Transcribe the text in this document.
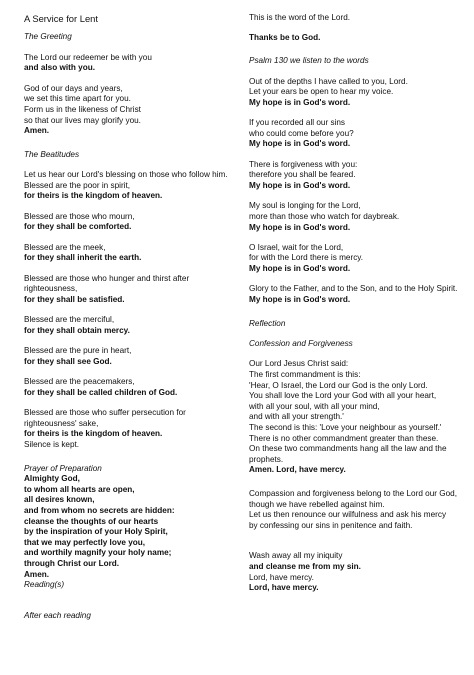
A Service for Lent
The Greeting
The Lord our redeemer be with you
and also with you.
God of our days and years,
we set this time apart for you.
Form us in the likeness of Christ
so that our lives may glorify you.
Amen.
The Beatitudes
Let us hear our Lord's blessing on those who follow him.
Blessed are the poor in spirit,
for theirs is the kingdom of heaven.
Blessed are those who mourn,
for they shall be comforted.
Blessed are the meek,
for they shall inherit the earth.
Blessed are those who hunger and thirst after righteousness,
for they shall be satisfied.
Blessed are the merciful,
for they shall obtain mercy.
Blessed are the pure in heart,
for they shall see God.
Blessed are the peacemakers,
for they shall be called children of God.
Blessed are those who suffer persecution for righteousness' sake,
for theirs is the kingdom of heaven.
Silence is kept.
Prayer of Preparation
Almighty God,
to whom all hearts are open,
all desires known,
and from whom no secrets are hidden:
cleanse the thoughts of our hearts
by the inspiration of your Holy Spirit,
that we may perfectly love you,
and worthily magnify your holy name;
through Christ our Lord.
Amen.
Reading(s)
After each reading
This is the word of the Lord.
Thanks be to God.
Psalm 130 we listen to the words
Out of the depths I have called to you, Lord.
Let your ears be open to hear my voice.
My hope is in God's word.
If you recorded all our sins
who could come before you?
My hope is in God's word.
There is forgiveness with you:
therefore you shall be feared.
My hope is in God's word.
My soul is longing for the Lord,
more than those who watch for daybreak.
My hope is in God's word.
O Israel, wait for the Lord,
for with the Lord there is mercy.
My hope is in God's word.
Glory to the Father, and to the Son, and to the Holy Spirit.
My hope is in God's word.
Reflection
Confession and Forgiveness
Our Lord Jesus Christ said:
The first commandment is this:
'Hear, O Israel, the Lord our God is the only Lord.
You shall love the Lord your God with all your heart,
with all your soul, with all your mind,
and with all your strength.'
The second is this: 'Love your neighbour as yourself.'
There is no other commandment greater than these.
On these two commandments hang all the law and the prophets.
Amen. Lord, have mercy.
Compassion and forgiveness belong to the Lord our God,
though we have rebelled against him.
Let us then renounce our wilfulness and ask his mercy
by confessing our sins in penitence and faith.
Wash away all my iniquity
and cleanse me from my sin.
Lord, have mercy.
Lord, have mercy.
